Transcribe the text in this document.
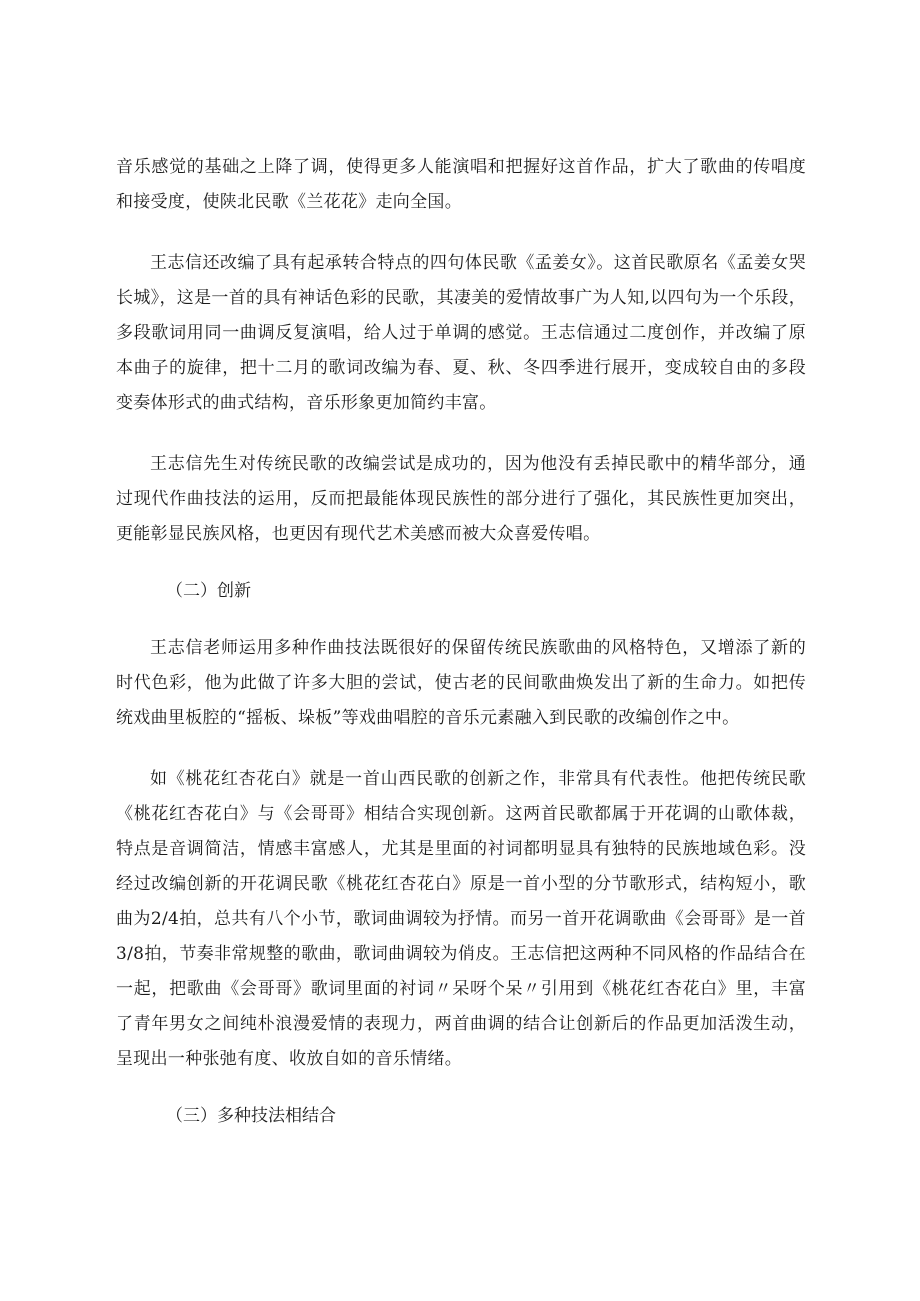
音乐感觉的基础之上降了调，使得更多人能演唱和把握好这首作品，扩大了歌曲的传唱度和接受度，使陕北民歌《兰花花》走向全国。

王志信还改编了具有起承转合特点的四句体民歌《孟姜女》。这首民歌原名《孟姜女哭长城》，这是一首的具有神话色彩的民歌，其凄美的爱情故事广为人知,以四句为一个乐段，多段歌词用同一曲调反复演唱，给人过于单调的感觉。王志信通过二度创作，并改编了原本曲子的旋律，把十二月的歌词改编为春、夏、秋、冬四季进行展开，变成较自由的多段变奏体形式的曲式结构，音乐形象更加简约丰富。

王志信先生对传统民歌的改编尝试是成功的，因为他没有丢掉民歌中的精华部分，通过现代作曲技法的运用，反而把最能体现民族性的部分进行了强化，其民族性更加突出，更能彰显民族风格，也更因有现代艺术美感而被大众喜爱传唱。

（二）创新

王志信老师运用多种作曲技法既很好的保留传统民族歌曲的风格特色，又增添了新的时代色彩，他为此做了许多大胆的尝试，使古老的民间歌曲焕发出了新的生命力。如把传统戏曲里板腔的“摇板、垛板”等戏曲唱腔的音乐元素融入到民歌的改编创作之中。

如《桃花红杏花白》就是一首山西民歌的创新之作，非常具有代表性。他把传统民歌《桃花红杏花白》与《会哥哥》相结合实现创新。这两首民歌都属于开花调的山歌体裁，特点是音调简洁，情感丰富感人，尤其是里面的衬词都明显具有独特的民族地域色彩。没经过改编创新的开花调民歌《桃花红杏花白》原是一首小型的分节歌形式，结构短小，歌曲为2/4拍，总共有八个小节，歌词曲调较为抒情。而另一首开花调歌曲《会哥哥》是一首3/8拍，节奏非常规整的歌曲，歌词曲调较为俏皮。王志信把这两种不同风格的作品结合在一起，把歌曲《会哥哥》歌词里面的衬词〃呆呀个呆〃引用到《桃花红杏花白》里，丰富了青年男女之间纯朴浪漫爱情的表现力，两首曲调的结合让创新后的作品更加活泼生动，呈现出一种张弛有度、收放自如的音乐情绪。

（三）多种技法相结合
